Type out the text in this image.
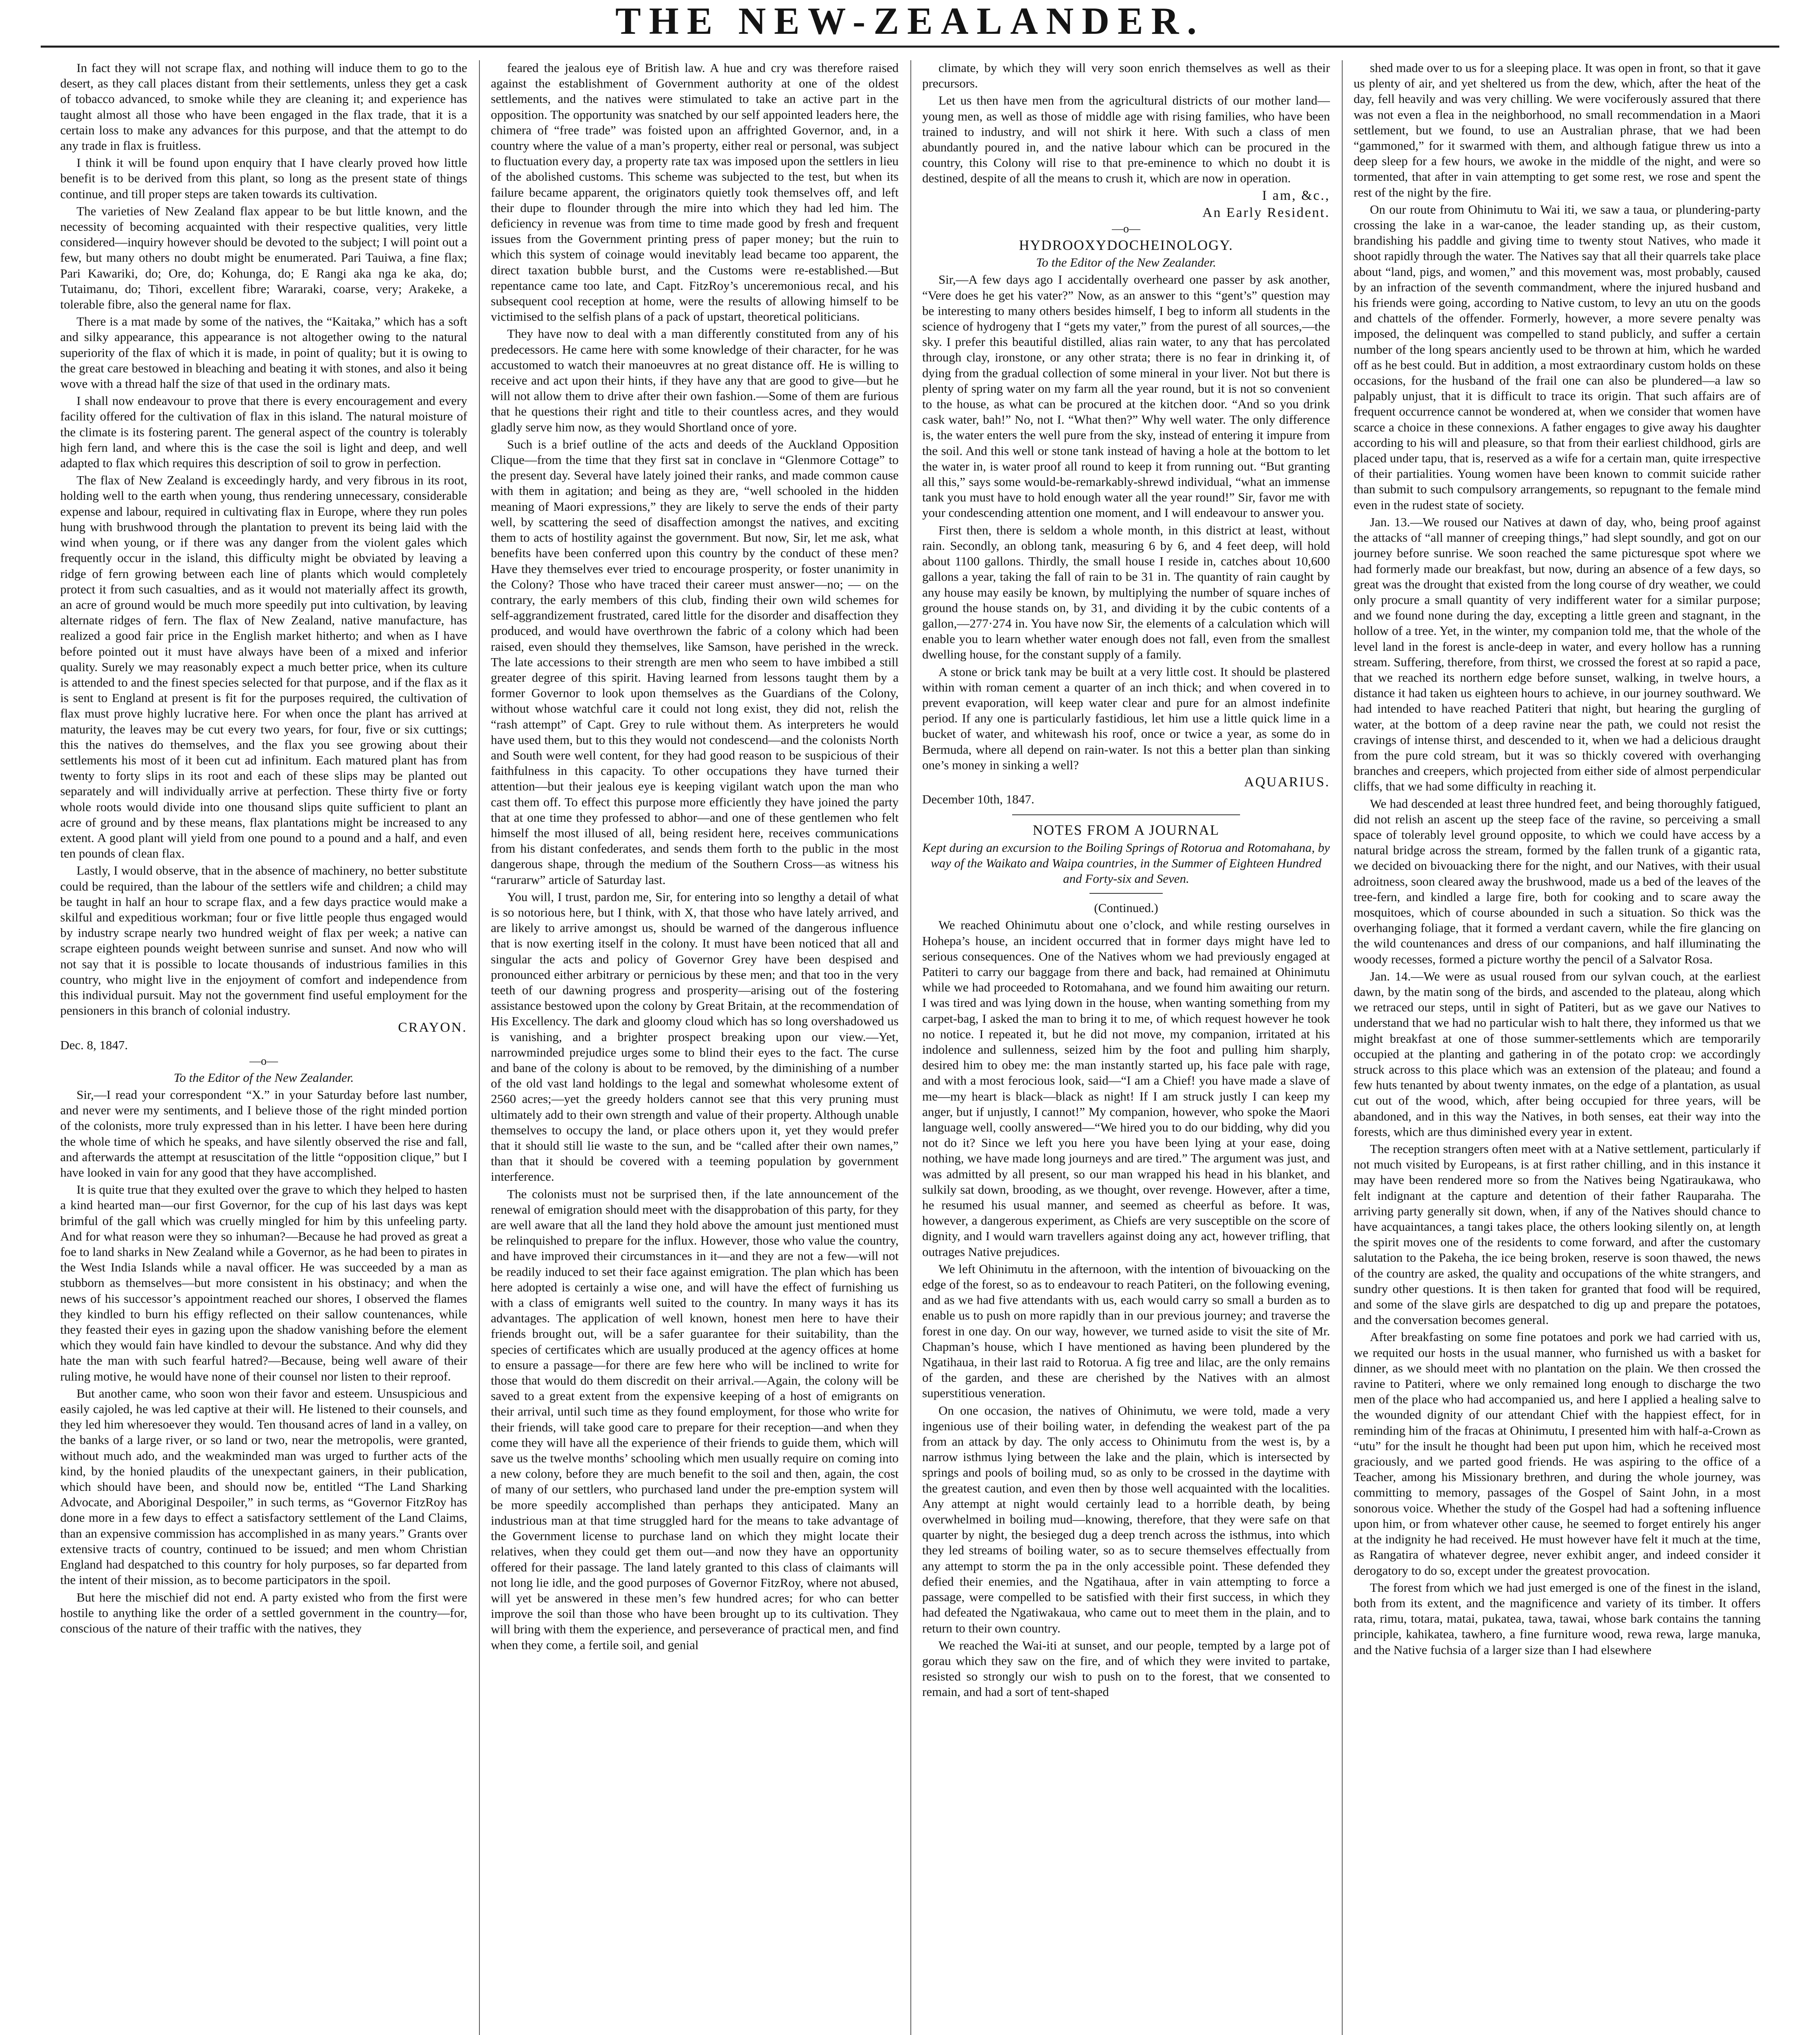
THE NEW-ZEALANDER.

In fact they will not scrape flax, and nothing will induce them to go to the desert, as they call places distant from their settlements, unless they get a cask of tobacco advanced, to smoke while they are cleaning it; and experience has taught almost all those who have been engaged in the flax trade, that it is a certain loss to make any advances for this purpose, and that the attempt to do any trade in flax is fruitless.

I think it will be found upon enquiry that I have clearly proved how little benefit is to be derived from this plant, so long as the present state of things continue, and till proper steps are taken towards its cultivation.

The varieties of New Zealand flax appear to be but little known, and the necessity of becoming acquainted with their respective qualities, very little considered—inquiry however should be devoted to the subject; I will point out a few, but many others no doubt might be enumerated. Pari Tauiwa, a fine flax; Pari Kawariki, do; Ore, do; Kohunga, do; E Rangi aka nga ke aka, do; Tutaimanu, do; Tihori, excellent fibre; Wararaki, coarse, very; Arakeke, a tolerable fibre, also the general name for flax.

There is a mat made by some of the natives, the “Kaitaka,” which has a soft and silky appearance, this appearance is not altogether owing to the natural superiority of the flax of which it is made, in point of quality; but it is owing to the great care bestowed in bleaching and beating it with stones, and also it being wove with a thread half the size of that used in the ordinary mats.

I shall now endeavour to prove that there is every encouragement and every facility offered for the cultivation of flax in this island. The natural moisture of the climate is its fostering parent. The general aspect of the country is tolerably high fern land, and where this is the case the soil is light and deep, and well adapted to flax which requires this description of soil to grow in perfection.

The flax of New Zealand is exceedingly hardy, and very fibrous in its root, holding well to the earth when young, thus rendering unnecessary, considerable expense and labour, required in cultivating flax in Europe, where they run poles hung with brushwood through the plantation to prevent its being laid with the wind when young, or if there was any danger from the violent gales which frequently occur in the island, this difficulty might be obviated by leaving a ridge of fern growing between each line of plants which would completely protect it from such casualties, and as it would not materially affect its growth, an acre of ground would be much more speedily put into cultivation, by leaving alternate ridges of fern. The flax of New Zealand, native manufacture, has realized a good fair price in the English market hitherto; and when as I have before pointed out it must have always have been of a mixed and inferior quality. Surely we may reasonably expect a much better price, when its culture is attended to and the finest species selected for that purpose, and if the flax as it is sent to England at present is fit for the purposes required, the cultivation of flax must prove highly lucrative here. For when once the plant has arrived at maturity, the leaves may be cut every two years, for four, five or six cuttings; this the natives do themselves, and the flax you see growing about their settlements his most of it been cut ad infinitum. Each matured plant has from twenty to forty slips in its root and each of these slips may be planted out separately and will individually arrive at perfection. These thirty five or forty whole roots would divide into one thousand slips quite sufficient to plant an acre of ground and by these means, flax plantations might be increased to any extent. A good plant will yield from one pound to a pound and a half, and even ten pounds of clean flax.

Lastly, I would observe, that in the absence of machinery, no better substitute could be required, than the labour of the settlers wife and children; a child may be taught in half an hour to scrape flax, and a few days practice would make a skilful and expeditious workman; four or five little people thus engaged would by industry scrape nearly two hundred weight of flax per week; a native can scrape eighteen pounds weight between sunrise and sunset. And now who will not say that it is possible to locate thousands of industrious families in this country, who might live in the enjoyment of comfort and independence from this individual pursuit. May not the government find useful employment for the pensioners in this branch of colonial industry.

CRAYON.

Dec. 8, 1847.

—o—

To the Editor of the New Zealander.

Sir,—I read your correspondent “X.” in your Saturday before last number, and never were my sentiments, and I believe those of the right minded portion of the colonists, more truly expressed than in his letter. I have been here during the whole time of which he speaks, and have silently observed the rise and fall, and afterwards the attempt at resuscitation of the little “opposition clique,” but I have looked in vain for any good that they have accomplished.

It is quite true that they exulted over the grave to which they helped to hasten a kind hearted man—our first Governor, for the cup of his last days was kept brimful of the gall which was cruelly mingled for him by this unfeeling party. And for what reason were they so inhuman?—Because he had proved as great a foe to land sharks in New Zealand while a Governor, as he had been to pirates in the West India Islands while a naval officer. He was succeeded by a man as stubborn as themselves—but more consistent in his obstinacy; and when the news of his successor’s appointment reached our shores, I observed the flames they kindled to burn his effigy reflected on their sallow countenances, while they feasted their eyes in gazing upon the shadow vanishing before the element which they would fain have kindled to devour the substance. And why did they hate the man with such fearful hatred?—Because, being well aware of their ruling motive, he would have none of their counsel nor listen to their reproof.

But another came, who soon won their favor and esteem. Unsuspicious and easily cajoled, he was led captive at their will. He listened to their counsels, and they led him wheresoever they would. Ten thousand acres of land in a valley, on the banks of a large river, or so land or two, near the metropolis, were granted, without much ado, and the weakminded man was urged to further acts of the kind, by the honied plaudits of the unexpectant gainers, in their publication, which should have been, and should now be, entitled “The Land Sharking Advocate, and Aboriginal Despoiler,” in such terms, as “Governor FitzRoy has done more in a few days to effect a satisfactory settlement of the Land Claims, than an expensive commission has accomplished in as many years.” Grants over extensive tracts of country, continued to be issued; and men whom Christian England had despatched to this country for holy purposes, so far departed from the intent of their mission, as to become participators in the spoil.

But here the mischief did not end. A party existed who from the first were hostile to anything like the order of a settled government in the country—for, conscious of the nature of their traffic with the natives, they

feared the jealous eye of British law. A hue and cry was therefore raised against the establishment of Government authority at one of the oldest settlements, and the natives were stimulated to take an active part in the opposition. The opportunity was snatched by our self appointed leaders here, the chimera of “free trade” was foisted upon an affrighted Governor, and, in a country where the value of a man’s property, either real or personal, was subject to fluctuation every day, a property rate tax was imposed upon the settlers in lieu of the abolished customs. This scheme was subjected to the test, but when its failure became apparent, the originators quietly took themselves off, and left their dupe to flounder through the mire into which they had led him. The deficiency in revenue was from time to time made good by fresh and frequent issues from the Government printing press of paper money; but the ruin to which this system of coinage would inevitably lead became too apparent, the direct taxation bubble burst, and the Customs were re-established.—But repentance came too late, and Capt. FitzRoy’s unceremonious recal, and his subsequent cool reception at home, were the results of allowing himself to be victimised to the selfish plans of a pack of upstart, theoretical politicians.

They have now to deal with a man differently constituted from any of his predecessors. He came here with some knowledge of their character, for he was accustomed to watch their manoeuvres at no great distance off. He is willing to receive and act upon their hints, if they have any that are good to give—but he will not allow them to drive after their own fashion.—Some of them are furious that he questions their right and title to their countless acres, and they would gladly serve him now, as they would Shortland once of yore.

Such is a brief outline of the acts and deeds of the Auckland Opposition Clique—from the time that they first sat in conclave in “Glenmore Cottage” to the present day. Several have lately joined their ranks, and made common cause with them in agitation; and being as they are, “well schooled in the hidden meaning of Maori expressions,” they are likely to serve the ends of their party well, by scattering the seed of disaffection amongst the natives, and exciting them to acts of hostility against the government. But now, Sir, let me ask, what benefits have been conferred upon this country by the conduct of these men? Have they themselves ever tried to encourage prosperity, or foster unanimity in the Colony? Those who have traced their career must answer—no; — on the contrary, the early members of this club, finding their own wild schemes for self-aggrandizement frustrated, cared little for the disorder and disaffection they produced, and would have overthrown the fabric of a colony which had been raised, even should they themselves, like Samson, have perished in the wreck. The late accessions to their strength are men who seem to have imbibed a still greater degree of this spirit. Having learned from lessons taught them by a former Governor to look upon themselves as the Guardians of the Colony, without whose watchful care it could not long exist, they did not, relish the “rash attempt” of Capt. Grey to rule without them. As interpreters he would have used them, but to this they would not condescend—and the colonists North and South were well content, for they had good reason to be suspicious of their faithfulness in this capacity. To other occupations they have turned their attention—but their jealous eye is keeping vigilant watch upon the man who cast them off. To effect this purpose more efficiently they have joined the party that at one time they professed to abhor—and one of these gentlemen who felt himself the most illused of all, being resident here, receives communications from his distant confederates, and sends them forth to the public in the most dangerous shape, through the medium of the Southern Cross—as witness his “rarurarw” article of Saturday last.

You will, I trust, pardon me, Sir, for entering into so lengthy a detail of what is so notorious here, but I think, with X, that those who have lately arrived, and are likely to arrive amongst us, should be warned of the dangerous influence that is now exerting itself in the colony. It must have been noticed that all and singular the acts and policy of Governor Grey have been despised and pronounced either arbitrary or pernicious by these men; and that too in the very teeth of our dawning progress and prosperity—arising out of the fostering assistance bestowed upon the colony by Great Britain, at the recommendation of His Excellency. The dark and gloomy cloud which has so long overshadowed us is vanishing, and a brighter prospect breaking upon our view.—Yet, narrowminded prejudice urges some to blind their eyes to the fact. The curse and bane of the colony is about to be removed, by the diminishing of a number of the old vast land holdings to the legal and somewhat wholesome extent of 2560 acres;—yet the greedy holders cannot see that this very pruning must ultimately add to their own strength and value of their property. Although unable themselves to occupy the land, or place others upon it, yet they would prefer that it should still lie waste to the sun, and be “called after their own names,” than that it should be covered with a teeming population by government interference.

The colonists must not be surprised then, if the late announcement of the renewal of emigration should meet with the disapprobation of this party, for they are well aware that all the land they hold above the amount just mentioned must be relinquished to prepare for the influx. However, those who value the country, and have improved their circumstances in it—and they are not a few—will not be readily induced to set their face against emigration. The plan which has been here adopted is certainly a wise one, and will have the effect of furnishing us with a class of emigrants well suited to the country. In many ways it has its advantages. The application of well known, honest men here to have their friends brought out, will be a safer guarantee for their suitability, than the species of certificates which are usually produced at the agency offices at home to ensure a passage—for there are few here who will be inclined to write for those that would do them discredit on their arrival.—Again, the colony will be saved to a great extent from the expensive keeping of a host of emigrants on their arrival, until such time as they found employment, for those who write for their friends, will take good care to prepare for their reception—and when they come they will have all the experience of their friends to guide them, which will save us the twelve months’ schooling which men usually require on coming into a new colony, before they are much benefit to the soil and then, again, the cost of many of our settlers, who purchased land under the pre-emption system will be more speedily accomplished than perhaps they anticipated. Many an industrious man at that time struggled hard for the means to take advantage of the Government license to purchase land on which they might locate their relatives, when they could get them out—and now they have an opportunity offered for their passage. The land lately granted to this class of claimants will not long lie idle, and the good purposes of Governor FitzRoy, where not abused, will yet be answered in these men’s few hundred acres; for who can better improve the soil than those who have been brought up to its cultivation. They will bring with them the experience, and perseverance of practical men, and find when they come, a fertile soil, and genial

climate, by which they will very soon enrich themselves as well as their precursors.

Let us then have men from the agricultural districts of our mother land—young men, as well as those of middle age with rising families, who have been trained to industry, and will not shirk it here. With such a class of men abundantly poured in, and the native labour which can be procured in the country, this Colony will rise to that pre-eminence to which no doubt it is destined, despite of all the means to crush it, which are now in operation.

I am, &c.,

An Early Resident.

—o—

HYDROOXYDOCHEINOLOGY.

To the Editor of the New Zealander.

Sir,—A few days ago I accidentally overheard one passer by ask another, “Vere does he get his vater?” Now, as an answer to this “gent’s” question may be interesting to many others besides himself, I beg to inform all students in the science of hydrogeny that I “gets my vater,” from the purest of all sources,—the sky. I prefer this beautiful distilled, alias rain water, to any that has percolated through clay, ironstone, or any other strata; there is no fear in drinking it, of dying from the gradual collection of some mineral in your liver. Not but there is plenty of spring water on my farm all the year round, but it is not so convenient to the house, as what can be procured at the kitchen door. “And so you drink cask water, bah!” No, not I. “What then?” Why well water. The only difference is, the water enters the well pure from the sky, instead of entering it impure from the soil. And this well or stone tank instead of having a hole at the bottom to let the water in, is water proof all round to keep it from running out. “But granting all this,” says some would-be-remarkably-shrewd individual, “what an immense tank you must have to hold enough water all the year round!” Sir, favor me with your condescending attention one moment, and I will endeavour to answer you.

First then, there is seldom a whole month, in this district at least, without rain. Secondly, an oblong tank, measuring 6 by 6, and 4 feet deep, will hold about 1100 gallons. Thirdly, the small house I reside in, catches about 10,600 gallons a year, taking the fall of rain to be 31 in. The quantity of rain caught by any house may easily be known, by multiplying the number of square inches of ground the house stands on, by 31, and dividing it by the cubic contents of a gallon,—277·274 in. You have now Sir, the elements of a calculation which will enable you to learn whether water enough does not fall, even from the smallest dwelling house, for the constant supply of a family.

A stone or brick tank may be built at a very little cost. It should be plastered within with roman cement a quarter of an inch thick; and when covered in to prevent evaporation, will keep water clear and pure for an almost indefinite period. If any one is particularly fastidious, let him use a little quick lime in a bucket of water, and whitewash his roof, once or twice a year, as some do in Bermuda, where all depend on rain-water. Is not this a better plan than sinking one’s money in sinking a well?

AQUARIUS.

December 10th, 1847.

NOTES FROM A JOURNAL

Kept during an excursion to the Boiling Springs of Rotorua and Rotomahana, by way of the Waikato and Waipa countries, in the Summer of Eighteen Hundred and Forty-six and Seven.

(Continued.)

We reached Ohinimutu about one o’clock, and while resting ourselves in Hohepa’s house, an incident occurred that in former days might have led to serious consequences. One of the Natives whom we had previously engaged at Patiteri to carry our baggage from there and back, had remained at Ohinimutu while we had proceeded to Rotomahana, and we found him awaiting our return. I was tired and was lying down in the house, when wanting something from my carpet-bag, I asked the man to bring it to me, of which request however he took no notice. I repeated it, but he did not move, my companion, irritated at his indolence and sullenness, seized him by the foot and pulling him sharply, desired him to obey me: the man instantly started up, his face pale with rage, and with a most ferocious look, said—“I am a Chief! you have made a slave of me—my heart is black—black as night! If I am struck justly I can keep my anger, but if unjustly, I cannot!” My companion, however, who spoke the Maori language well, coolly answered—“We hired you to do our bidding, why did you not do it? Since we left you here you have been lying at your ease, doing nothing, we have made long journeys and are tired.” The argument was just, and was admitted by all present, so our man wrapped his head in his blanket, and sulkily sat down, brooding, as we thought, over revenge. However, after a time, he resumed his usual manner, and seemed as cheerful as before. It was, however, a dangerous experiment, as Chiefs are very susceptible on the score of dignity, and I would warn travellers against doing any act, however trifling, that outrages Native prejudices.

We left Ohinimutu in the afternoon, with the intention of bivouacking on the edge of the forest, so as to endeavour to reach Patiteri, on the following evening, and as we had five attendants with us, each would carry so small a burden as to enable us to push on more rapidly than in our previous journey; and traverse the forest in one day. On our way, however, we turned aside to visit the site of Mr. Chapman’s house, which I have mentioned as having been plundered by the Ngatihaua, in their last raid to Rotorua. A fig tree and lilac, are the only remains of the garden, and these are cherished by the Natives with an almost superstitious veneration.

On one occasion, the natives of Ohinimutu, we were told, made a very ingenious use of their boiling water, in defending the weakest part of the pa from an attack by day. The only access to Ohinimutu from the west is, by a narrow isthmus lying between the lake and the plain, which is intersected by springs and pools of boiling mud, so as only to be crossed in the daytime with the greatest caution, and even then by those well acquainted with the localities. Any attempt at night would certainly lead to a horrible death, by being overwhelmed in boiling mud—knowing, therefore, that they were safe on that quarter by night, the besieged dug a deep trench across the isthmus, into which they led streams of boiling water, so as to secure themselves effectually from any attempt to storm the pa in the only accessible point. These defended they defied their enemies, and the Ngatihaua, after in vain attempting to force a passage, were compelled to be satisfied with their first success, in which they had defeated the Ngatiwakaua, who came out to meet them in the plain, and to return to their own country.

We reached the Wai-iti at sunset, and our people, tempted by a large pot of gorau which they saw on the fire, and of which they were invited to partake, resisted so strongly our wish to push on to the forest, that we consented to remain, and had a sort of tent-shaped

shed made over to us for a sleeping place. It was open in front, so that it gave us plenty of air, and yet sheltered us from the dew, which, after the heat of the day, fell heavily and was very chilling. We were vociferously assured that there was not even a flea in the neighborhood, no small recommendation in a Maori settlement, but we found, to use an Australian phrase, that we had been “gammoned,” for it swarmed with them, and although fatigue threw us into a deep sleep for a few hours, we awoke in the middle of the night, and were so tormented, that after in vain attempting to get some rest, we rose and spent the rest of the night by the fire.

On our route from Ohinimutu to Wai iti, we saw a taua, or plundering-party crossing the lake in a war-canoe, the leader standing up, as their custom, brandishing his paddle and giving time to twenty stout Natives, who made it shoot rapidly through the water. The Natives say that all their quarrels take place about “land, pigs, and women,” and this movement was, most probably, caused by an infraction of the seventh commandment, where the injured husband and his friends were going, according to Native custom, to levy an utu on the goods and chattels of the offender. Formerly, however, a more severe penalty was imposed, the delinquent was compelled to stand publicly, and suffer a certain number of the long spears anciently used to be thrown at him, which he warded off as he best could. But in addition, a most extraordinary custom holds on these occasions, for the husband of the frail one can also be plundered—a law so palpably unjust, that it is difficult to trace its origin. That such affairs are of frequent occurrence cannot be wondered at, when we consider that women have scarce a choice in these connexions. A father engages to give away his daughter according to his will and pleasure, so that from their earliest childhood, girls are placed under tapu, that is, reserved as a wife for a certain man, quite irrespective of their partialities. Young women have been known to commit suicide rather than submit to such compulsory arrangements, so repugnant to the female mind even in the rudest state of society.

Jan. 13.—We roused our Natives at dawn of day, who, being proof against the attacks of “all manner of creeping things,” had slept soundly, and got on our journey before sunrise. We soon reached the same picturesque spot where we had formerly made our breakfast, but now, during an absence of a few days, so great was the drought that existed from the long course of dry weather, we could only procure a small quantity of very indifferent water for a similar purpose; and we found none during the day, excepting a little green and stagnant, in the hollow of a tree. Yet, in the winter, my companion told me, that the whole of the level land in the forest is ancle-deep in water, and every hollow has a running stream. Suffering, therefore, from thirst, we crossed the forest at so rapid a pace, that we reached its northern edge before sunset, walking, in twelve hours, a distance it had taken us eighteen hours to achieve, in our journey southward. We had intended to have reached Patiteri that night, but hearing the gurgling of water, at the bottom of a deep ravine near the path, we could not resist the cravings of intense thirst, and descended to it, when we had a delicious draught from the pure cold stream, but it was so thickly covered with overhanging branches and creepers, which projected from either side of almost perpendicular cliffs, that we had some difficulty in reaching it.

We had descended at least three hundred feet, and being thoroughly fatigued, did not relish an ascent up the steep face of the ravine, so perceiving a small space of tolerably level ground opposite, to which we could have access by a natural bridge across the stream, formed by the fallen trunk of a gigantic rata, we decided on bivouacking there for the night, and our Natives, with their usual adroitness, soon cleared away the brushwood, made us a bed of the leaves of the tree-fern, and kindled a large fire, both for cooking and to scare away the mosquitoes, which of course abounded in such a situation. So thick was the overhanging foliage, that it formed a verdant cavern, while the fire glancing on the wild countenances and dress of our companions, and half illuminating the woody recesses, formed a picture worthy the pencil of a Salvator Rosa.

Jan. 14.—We were as usual roused from our sylvan couch, at the earliest dawn, by the matin song of the birds, and ascended to the plateau, along which we retraced our steps, until in sight of Patiteri, but as we gave our Natives to understand that we had no particular wish to halt there, they informed us that we might breakfast at one of those summer-settlements which are temporarily occupied at the planting and gathering in of the potato crop: we accordingly struck across to this place which was an extension of the plateau; and found a few huts tenanted by about twenty inmates, on the edge of a plantation, as usual cut out of the wood, which, after being occupied for three years, will be abandoned, and in this way the Natives, in both senses, eat their way into the forests, which are thus diminished every year in extent.

The reception strangers often meet with at a Native settlement, particularly if not much visited by Europeans, is at first rather chilling, and in this instance it may have been rendered more so from the Natives being Ngatiraukawa, who felt indignant at the capture and detention of their father Rauparaha. The arriving party generally sit down, when, if any of the Natives should chance to have acquaintances, a tangi takes place, the others looking silently on, at length the spirit moves one of the residents to come forward, and after the customary salutation to the Pakeha, the ice being broken, reserve is soon thawed, the news of the country are asked, the quality and occupations of the white strangers, and sundry other questions. It is then taken for granted that food will be required, and some of the slave girls are despatched to dig up and prepare the potatoes, and the conversation becomes general.

After breakfasting on some fine potatoes and pork we had carried with us, we requited our hosts in the usual manner, who furnished us with a basket for dinner, as we should meet with no plantation on the plain. We then crossed the ravine to Patiteri, where we only remained long enough to discharge the two men of the place who had accompanied us, and here I applied a healing salve to the wounded dignity of our attendant Chief with the happiest effect, for in reminding him of the fracas at Ohinimutu, I presented him with half-a-Crown as “utu” for the insult he thought had been put upon him, which he received most graciously, and we parted good friends. He was aspiring to the office of a Teacher, among his Missionary brethren, and during the whole journey, was committing to memory, passages of the Gospel of Saint John, in a most sonorous voice. Whether the study of the Gospel had had a softening influence upon him, or from whatever other cause, he seemed to forget entirely his anger at the indignity he had received. He must however have felt it much at the time, as Rangatira of whatever degree, never exhibit anger, and indeed consider it derogatory to do so, except under the greatest provocation.

The forest from which we had just emerged is one of the finest in the island, both from its extent, and the magnificence and variety of its timber. It offers rata, rimu, totara, matai, pukatea, tawa, tawai, whose bark contains the tanning principle, kahikatea, tawhero, a fine furniture wood, rewa rewa, large manuka, and the Native fuchsia of a larger size than I had elsewhere
